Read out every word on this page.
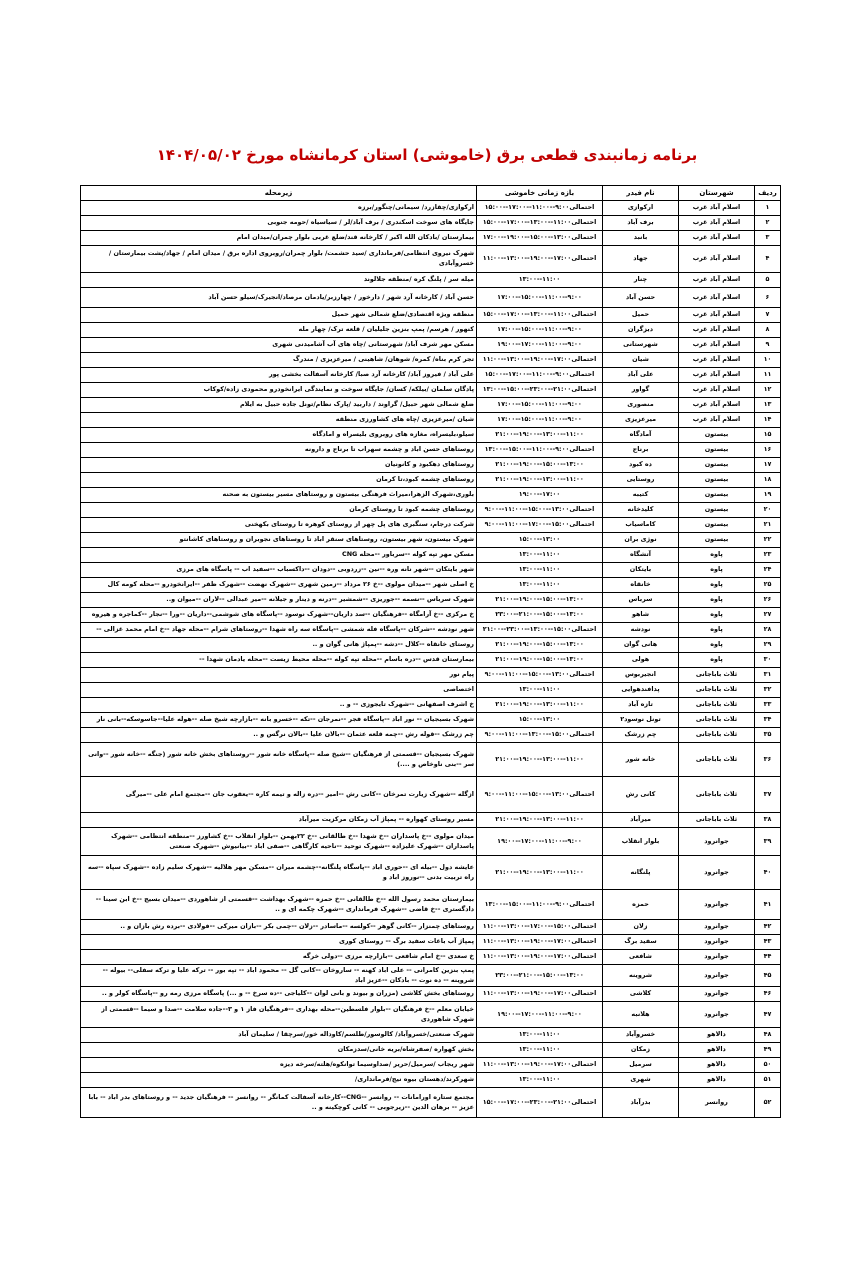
برنامه زمانبندی قطعی برق (خاموشی) استان کرمانشاه مورخ ۱۴۰۴/۰۵/۰۲
ردیف	شهرستان	نام فیدر	بازه زمانی خاموشی	زیرمحله
۱	اسلام آباد غرب	ارکوازی	احتمالی۹:۰۰--۱۱:۰۰--۱۷:۰۰--۱۵:۰۰	ارکوازی/چقازرد/ سیمانی/چنگور/برزه
۲	اسلام آباد غرب	برف آباد	احتمالی۱۱:۰۰--۱۳:۰۰--۱۷:۰۰--۱۵:۰۰	جایگاه های سوخت اسکندری / برف آباد/لر / سیاسیاه /حومه جنوبی
۳	اسلام آباد غرب	بانبد	احتمالی۱۳:۰۰--۱۵:۰۰--۱۹:۰۰--۱۷:۰۰	بیمارستان /بادکان الله اکبر / کارخانه قند/ضلع غربی بلوار چمران/میدان امام
۴	اسلام آباد غرب	جهاد	احتمالی۱۷:۰۰--۱۹:۰۰--۱۳:۰۰--۱۱:۰۰	شهرک نیروی انتظامی/فرمانداری /سید حشمت/ بلوار چمران/روبروی اداره برق / میدان امام / جهاد/پشت بیمارستان / خسروآبادی
۵	اسلام آباد غرب	چنار	۱۳:۰۰--۱۱:۰۰	میله سر / پلنگ کره /منطقه جلالوند
۶	اسلام آباد غرب	حسن آباد	۱۷:۰۰--۱۵:۰۰--۱۱:۰۰--۹:۰۰	حسن آباد / کارخانه آرد شهر / دارخور / چهارزبر/یادمان مرصاد/انجیرک/سیلو حسن آباد
۷	اسلام آباد غرب	حمیل	احتمالی۱۱:۰۰--۱۳:۰۰--۱۷:۰۰--۱۵:۰۰	منطقه ویژه اقتصادی/ضلع شمالی شهر حمیل
۸	اسلام آباد غرب	دیزگران	۱۷:۰۰--۱۵:۰۰--۱۱:۰۰--۹:۰۰	کنهور / هرسم/ پمپ بنزین جلیلیان / قلعه ترک/ چهار مله
۹	اسلام آباد غرب	شهرستانی	۱۹:۰۰--۱۷:۰۰--۱۱:۰۰--۹:۰۰	مسکن مهر شرف آباد/ شهرستانی /چاه های آب آشامیدنی شهری
۱۰	اسلام آباد غرب	شیان	احتمالی۱۷:۰۰--۱۹:۰۰--۱۳:۰۰--۱۱:۰۰	تجر کرم بناه/ کمره/ شوهان/ شاهینی / میرعزیزی / مندرگ
۱۱	اسلام آباد غرب	علی آباد	احتمالی۹:۰۰--۱۱:۰۰--۱۷:۰۰--۱۵:۰۰	علی آباد / فیروز آباد/ کارخانه آرد صبا/ کارخانه آسفالت بخشی پور
۱۲	اسلام آباد غرب	گواور	احتمالی۲۱:۰۰--۲۳:۰۰--۱۵:۰۰--۱۳:۰۰	پادگان سلمان /بیلکه/ کسان/ جایگاه سوخت و نمایندگی ایرانخودرو محمودی زاده/کوکاب
۱۳	اسلام آباد غرب	منصوری	۱۷:۰۰--۱۵:۰۰--۱۱:۰۰--۹:۰۰	ضلع شمالی شهر حبیل/ گراوند / داربید /پارک نظام/تونل جاده حبیل به ایلام
۱۴	اسلام آباد غرب	میرعزیزی	۱۷:۰۰--۱۵:۰۰--۱۱:۰۰--۹:۰۰	شیان /میرعزیزی /چاه های کشاورزی منطقه
۱۵	بیستون	آمادگاه	۲۱:۰۰--۱۹:۰۰--۱۳:۰۰--۱۱:۰۰	سیلو،بلیسراه، مغازه های روبروی بلیسراه و امادگاه
۱۶	بیستون	برناج	احتمالی۹:۰۰--۱۱:۰۰--۱۵:۰۰--۱۳:۰۰	روستاهای حسن اباد و چشمه سهراب تا برناج و دارونه
۱۷	بیستون	ده کبود	۲۱:۰۰--۱۹:۰۰--۱۵:۰۰--۱۳:۰۰	روستاهای دهکبود و کانونیان
۱۸	بیستون	روستایی	۲۱:۰۰--۱۹:۰۰--۱۳:۰۰--۱۱:۰۰	روستاهای چشمه کبود،تا کرمان
۱۹	بیستون	کتیبه	۱۹:۰۰--۱۷:۰۰	بلوری،شهرک الزهرا،میراث فرهنگی بیستون و روستاهای مسیر بیستون به صحنه
۲۰	بیستون	کلیدخانه	احتمالی۱۳:۰۰--۱۵:۰۰--۱۱:۰۰--۹:۰۰	روستاهای چشمه کبود تا روستای کرمان
۲۱	بیستون	کاماسیاب	احتمالی۱۵:۰۰--۱۷:۰۰--۱۱:۰۰--۹:۰۰	شرکت درجام، سنگبری های پل چهر از روستای کوهره تا روستای بکهخنی
۲۲	بیستون	نوژی بران	۱۵:۰۰--۱۳:۰۰	شهرک بیستون، شهر بیستون، روستاهای سنقر اباد تا روستاهای نجوبران و روستاهای کاشانتو
۲۳	پاوه	آتشگاه	۱۳:۰۰--۱۱:۰۰	مسکن مهر تپه کوله --سرباور --محله CNG
۲۴	پاوه	بایتکان	۱۳:۰۰--۱۱:۰۰	شهر بایتکان --شهر نانه وره --نین --زردوبی --دودان --داکسباب --سفید اب -- پاسگاه های مرزی
۲۵	پاوه	خانقاه	۱۳:۰۰--۱۱:۰۰	خ اصلی شهر --میدان مولوی --خ ۲۶ مرداد --زمین شهری --شهرک نهضت --شهرک ظفر --ایرانخودرو --محله کومه کال
۲۶	پاوه	سرباس	۲۱:۰۰--۱۹:۰۰--۱۵:۰۰--۱۳:۰۰	شهرک سرباس --نسمه --جوریزی --شمشیر --درنه و دینار و جیلانه --میر عبدالی --لاران --میوان و..
۲۷	پاوه	شاهو	۲۳:۰۰--۲۱:۰۰--۱۵:۰۰--۱۳:۰۰	خ مرکزی --خ آرامگاه --فرهنگیان --سد داریان--شهرک نوسود --پاسگاه های شوشمی--داریان --ورا --نجار --کماجره و هیروه
۲۸	پاوه	نودشه	احتمالی۱۵:۰۰--۱۳:۰۰--۲۳:۰۰--۲۱:۰۰	شهر نودشه --شرکان --پاسگاه فله شمشی --پاسگاه سه راه شهدا --روستاهای شرام --محله جهاد --خ امام محمد غزالی --
۲۹	پاوه	هانی گوان	۲۱:۰۰--۱۹:۰۰--۱۵:۰۰--۱۳:۰۰	روستای خانقاه --کلال --دشه --پمپاژ هانی گوان و ..
۳۰	پاوه	هولی	۲۱:۰۰--۱۹:۰۰--۱۵:۰۰--۱۳:۰۰	بیمارستان قدس --دره باسام --محله تپه کوله --محله محیط زیست --محله یادمان شهدا --
۳۱	ثلاث باباجانی	انجیربوس	احتمالی۱۳:۰۰--۱۵:۰۰--۱۱:۰۰--۹:۰۰	پیام نور
۳۲	ثلاث باباجانی	پدافندهوایی	۱۳:۰۰--۱۱:۰۰	اختصاصی
۳۳	ثلاث باباجانی	تازه آباد	۲۱:۰۰--۱۹:۰۰--۱۳:۰۰--۱۱:۰۰	خ اشرف اصفهانی --شهرک تایجوزی -- و ..
۳۴	ثلاث باباجانی	تونل نوسود۲	۱۵:۰۰--۱۳:۰۰	شهرک بسیجیان -- نور اباد --پاسگاه فجر --نمرجان --تکه --خسرو بانه --بازارچه شیخ صله --هوله علیا--جاسوسکه--بانی نار
۳۵	ثلاث باباجانی	چم زرشک	احتمالی۱۵:۰۰--۱۳:۰۰--۱۱:۰۰--۹:۰۰	چم زرشک --قوله رش --چمه قلعه عثمان --بالان علیا --بالان نرگس و ..
۳۶	ثلاث باباجانی	خانه شور	۲۱:۰۰--۱۹:۰۰--۱۳:۰۰--۱۱:۰۰	شهرک بسیجیان --قسمتی از فرهنگیان --شیخ صله --پاسگاه خانه شور --روستاهای بخش خانه شور (جنگه --خانه شور --وانی سر --بنی ناوخاص و ....)
۳۷	ثلاث باباجانی	کانی رش	احتمالی۱۳:۰۰--۱۵:۰۰--۱۱:۰۰--۹:۰۰	ازگله --شهرک زیارت تمرخان --کانی رش --امیر --دره زاله و تیمه کاره --یعقوب جان --مجتمع امام علی --میرگی
۳۸	ثلاث باباجانی	میرآباد	۲۱:۰۰--۱۹:۰۰--۱۳:۰۰--۱۱:۰۰	مسیر روستای کهواره -- پمپاژ آب زمکان مرکزیت میرآباد
۳۹	جوانرود	بلوار انقلاب	۱۹:۰۰--۱۷:۰۰--۱۱:۰۰--۹:۰۰	میدان مولوی --خ پاسداران --خ شهدا --خ طالقانی --خ ۲۲بهمن --بلوار انقلاب --خ کشاورز --منطقه انتظامی --شهرک پاسداران --شهرک علیزاده --شهرک توحید --ناحیه کارگاهی --صفی اباد --بیانیوش --شهرک صنعتی
۴۰	جوانرود	پلنگانه	۲۱:۰۰--۱۹:۰۰--۱۳:۰۰--۱۱:۰۰	عایشه دول --بیله ای --حوری اباد --پاسگاه پلنگانه--چشمه میران --مسکن مهر هلالیه --شهرک سلیم زاده --شهرک سپاه --سه راه تربیت بدنی --نوروز اباد و
۴۱	جوانرود	حمزه	احتمالی۹:۰۰--۱۱:۰۰--۱۵:۰۰--۱۳:۰۰	بیمارستان محمد رسول الله --خ طالقانی --خ حمزه --شهرک بهداشت --قسمتی از شاهوردی --میدان بسیج --خ ابن سینا --دادگستری --خ قاضی --شهرک فرمانداری --شهرک چکمه ای و ..
۴۲	جوانرود	زلان	احتمالی۱۵:۰۰--۱۷:۰۰--۱۳:۰۰--۱۱:۰۰	روستاهای چمنزار --کانی گوهر --کولسه --ماسادر --زلان --چمی بکر --بازان میرکی --فولادی --برده رش بازان و ..
۴۳	جوانرود	سفید برگ	احتمالی۱۷:۰۰--۱۹:۰۰--۱۳:۰۰--۱۱:۰۰	پمپاژ آب باغات سفید برگ -- روستای کوری
۴۴	جوانرود	شافعی	احتمالی۱۷:۰۰--۱۹:۰۰--۱۳:۰۰--۱۱:۰۰	خ سعدی --خ امام شافعی --بازارچه مرزی --دولی خرگه
۴۵	جوانرود	شروینه	۲۳:۰۰--۲۱:۰۰--۱۵:۰۰--۱۳:۰۰	پمپ بنزین کامرانی -- علی اباد کهنه -- ساروخان --کانی گل -- محمود اباد -- تپه بور -- ترکه علیا و ترکه سفلی-- بیوله -- شروینه -- ده نوت -- بادکان --عزیز اباد
۴۶	جوانرود	کلاشی	احتمالی۱۷:۰۰--۱۹:۰۰--۱۳:۰۰--۱۱:۰۰	روستاهای بخش کلاشی (مزران و بیوند و بانی لوان --کلیاجی --ده سرخ -- و ...) پاسگاه مرزی رمه رو --پاسگاه کولر و ..
۴۷	جوانرود	هلانبه	۱۹:۰۰--۱۷:۰۰--۱۱:۰۰--۹:۰۰	خیابان معلم --خ فرهنگیان --بلوار فلسطین--محله بهداری --فرهنگیان فاز ۱ و ۳--جاده سلامت --صدا و سیما --قسمتی از شهرک شاهوردی
۴۸	دالاهو	خسروآباد	۱۳:۰۰--۱۱:۰۰	شهرک صنعتی/خسروآباد/ کالوسور/طلسم/کاوداله خور/سرچقا / سلیمان آباد
۴۹	دالاهو	زمکان	۱۳:۰۰--۱۱:۰۰	بخش کهواره /صفرشاه/بریه خانی/سدزمکان
۵۰	دالاهو	سرمیل	احتمالی۱۷:۰۰--۱۹:۰۰--۱۳:۰۰--۱۱:۰۰	شهر ریجاب /سرمیل/حریر /صداوسیما توانکوه/هلته/سرخه دیزه
۵۱	دالاهو	شهری	۱۳:۰۰--۱۱:۰۰	شهرکرند/دهستان بیوه نیج/فرمانداری/
۵۲	روانسر	بدرآباد	احتمالی۲۱:۰۰--۲۳:۰۰--۱۷:۰۰--۱۵:۰۰	مجتمع ستاره اورامانات -- روانسر --CNG--کارخانه آسفالت کمانگر -- روانسر -- فرهنگیان جدید -- و روستاهای بدر اباد -- بابا عزیز -- برهان الدین --زیرجوبی -- کانی کوچکینه و ..
